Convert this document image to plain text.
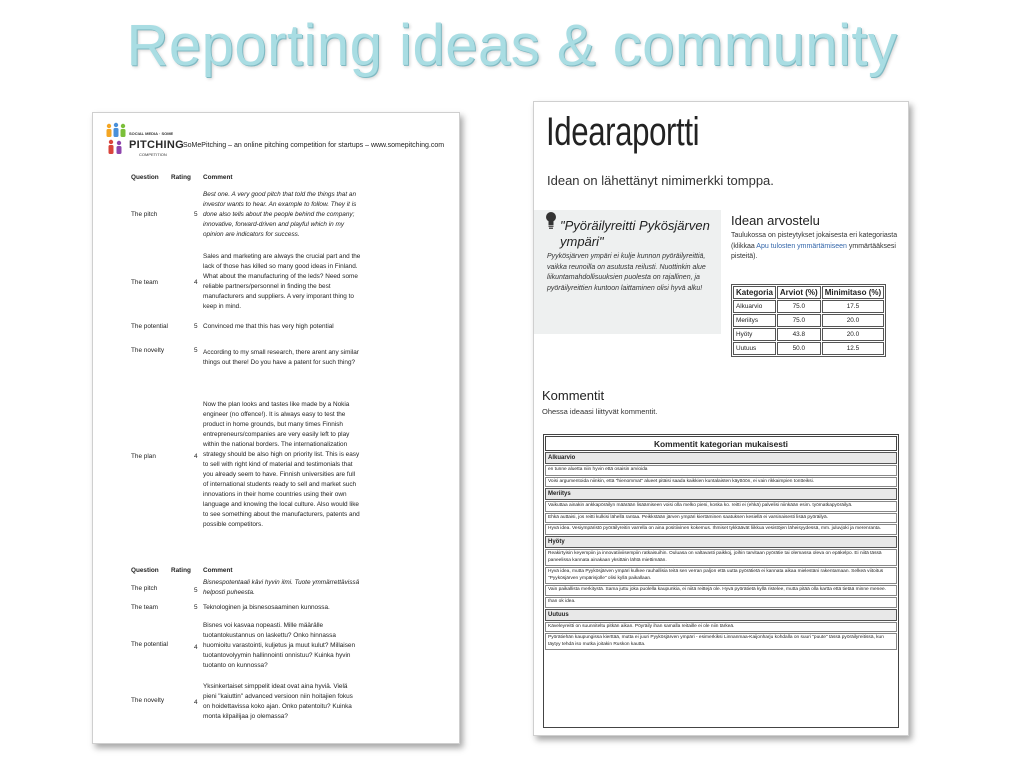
Reporting ideas & community
SOCIAL MEDIA · SOME
PITCHING
COMPETITION
SoMePitching – an online pitching competition for startups – www.somepitching.com
Question Rating Comment
The pitch	5
Best one. A very good pitch that told the things that an investor wants to hear. An example to follow. They it is done also tells about the people behind the company; innovative, forward-driven and playful which in my opinion are indicators for success.
The team	4
Sales and marketing are always the crucial part and the lack of those has killed so many good ideas in Finland. What about the manufacturing of the leds? Need some reliable partners/personnel in finding the best manufacturers and suppliers. A very imporant thing to keep in mind.
The potential	5 Convinced me that this has very high potential
The novelty	5 According to my small research, there arent any similar things out there! Do you have a patent for such thing?
The plan	4
Now the plan looks and tastes like made by a Nokia engineer (no offence!). It is always easy to test the product in home grounds, but many times Finnish entrepreneurs/companies are very easily left to play within the national borders. The internationalization strategy should be also high on priority list. This is easy to sell with right kind of material and testimonials that you already seem to have. Finnish universities are full of international students ready to sell and market such innovations in their home countries using their own language and knowing the local culture. Also would like to see something about the manufacturers, patents and possible competitors.
Question Rating Comment
The pitch	5
Bisnespotentaali kävi hyvin ilmi. Tuote ymmärrettävissä helposti puheesta.
The team	5 Teknologinen ja bisnesosaaminen kunnossa.
The potential	4
Bisnes voi kasvaa nopeasti. Mille määrälle tuotantokustannus on laskettu? Onko hinnassa huomioitu varastointi, kuljetus ja muut kulut? Millaisen tuotantovolyymin hallinnointi onnistuu? Kuinka hyvin tuotanto on kunnossa?
The novelty	4
Yksinkertaiset simppelit ideat ovat aina hyviä. Vielä pieni "kaiuttin" advanced versioon niin hoitajien fokus on hoidettavissa koko ajan. Onko patentoitu? Kuinka monta kilpailijaa jo olemassa?
Idearaportti
Idean on lähettänyt nimimerkki tomppa.
"Pyöräilyreitti Pykösjärven ympäri"
Pyykösjärven ympäri ei kulje kunnon pyöräilyreittiä, vaikka reunoilla on asutusta reilusti. Nuottinkin alue liikuntamahdollisuuksien puolesta on rajallinen, ja pyöräilyreittien kuntoon laittaminen olisi hyvä alku!
Idean arvostelu
Taulukossa on pisteytykset jokaisesta eri kategoriasta (klikkaa Apu tulosten ymmärtämiseen ymmärtääksesi pisteitä).
Kategoria	Arviot (%)	Minimitaso (%)
Alkuarvio	75.0	17.5
Meriitys	75.0	20.0
Hyöty	43.8	20.0
Uutuus	50.0	12.5
Kommentit
Ohessa ideaasi liittyvät kommentit.
Kommentit kategorian mukaisesti
Alkuarvio
en tunne aluetta niin hyvin että osaisin arvioida
Voisi argumentoida niinkin, että "hienommat" alueet pitäisi saada kaikkien kuntalaisten käyttöön, ei vain rikkaimpien tontteiksi.
Meriitys
Vaikuttaa ainakin ankkapöräilyn määrään lisäämiseen voisi olla melko pieni, koska ko. reitti ei (ehkä) palvelisi niinkään esim. työmatkapyöräilyä.
Ehkä auttaisi, jos reitti kulkisi lähellä rantaa. Peikkstään järven ympäri kiertäminen saatuksen kesiellä ei varsinaisesti lisää pyöräilyä.
Hyvä idea. Vesiympäristö pyöräilyreitin varrella on aina positiivinen kokemus. Ihmiset tykkäävät liikkua vesistöjen läheisyydessä, mm. juluvjoki ja merenranta.
Hyöty
Reakirtyisin keyempiin ja innovatiiviisempiin ratkaisuihin. Ouluasa on valtavasti paikkoj, joihin tarvitaan pyörätie tai olemassa oleva on epäkelpo. Ei niitä tässä paneelissa kannata ainakaan yksittäin lähtä miettimään.
Hyvä idea, mutta Pyykösjärven ympäri kulkee rauhallisia teitä sen verran paljon että uutta pyörätietä ei kannata aikaa mielestäni rakentamaan. Selkeä viitoitus "Pyykösjärven ympärisjolle" olisi kyllä paikallaan.
Vain paikallista merkitystä. Sama juttu joka puolella kaupunkia, ei niitä reittejä ole. Hyvä pyörätietä kyllä ristelee, mutta pitää olla kartta että tietää minne menee.
Ihan ok idea.
Uutuus
Käveleyreitti on suunniteltu pitkän aikan. Pöyräily ihan samalla reitaille ei ole niin tärkeä.
Pyörätiehän kaupungissa kierttää, mutta ei juuri Pyykösjärven ympäri - esimerkiksi Linnanmaa-Kaijonharju kohdalla on suuri "puute" tässä pyöräilyreitissä, kun täytyy tehdä iso mutka joitakin Ruskon kautta.
